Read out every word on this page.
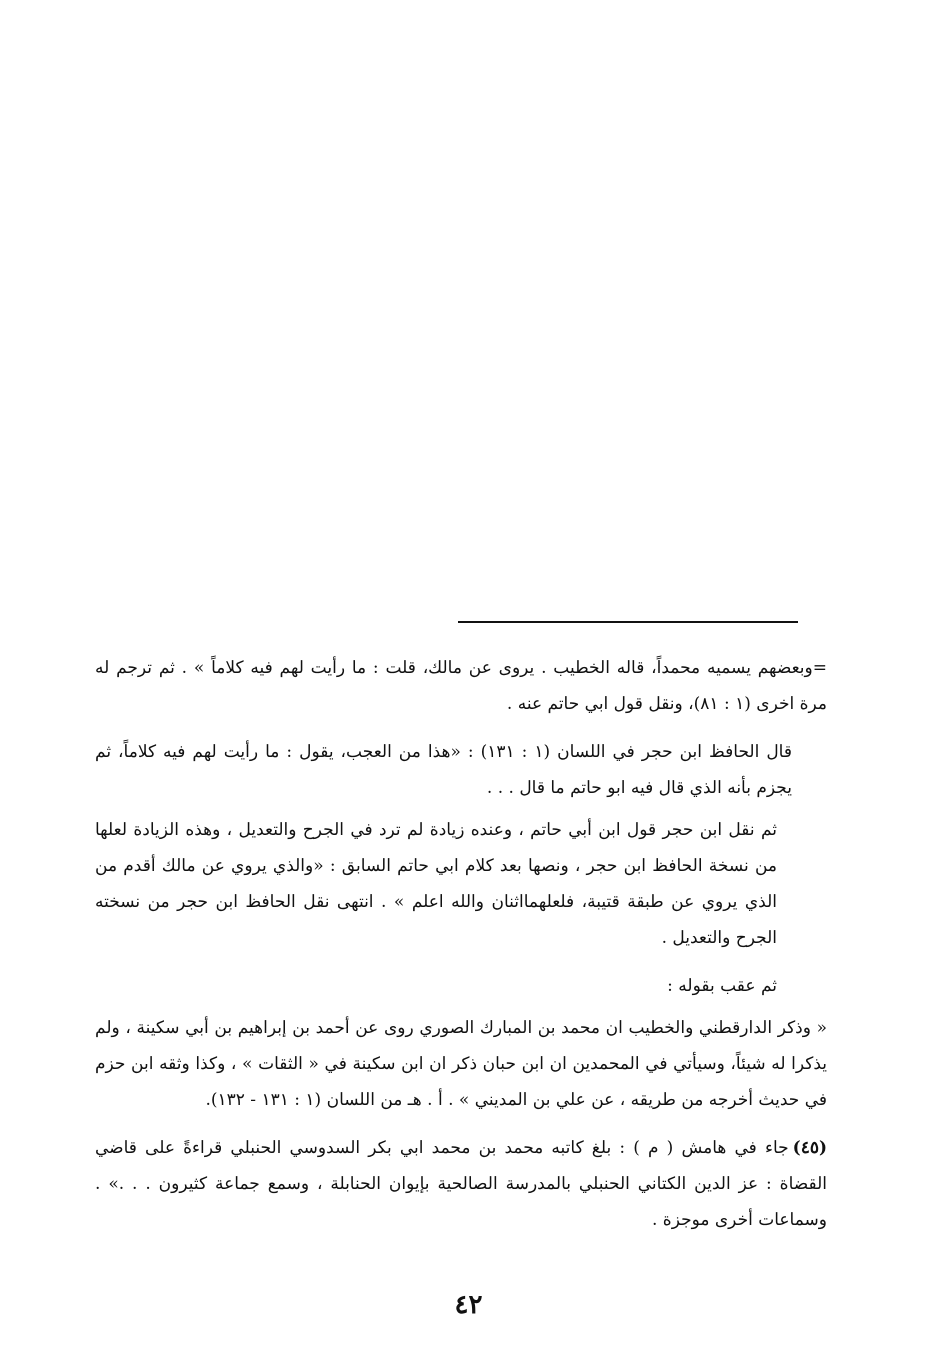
=وبعضهم يسميه محمداً، قاله الخطيب . يروى عن مالك، قلت : ما رأيت لهم فيه كلاماً » . ثم ترجم له مرة اخرى (١ : ٨١)، ونقل قول ابي حاتم عنه .

قال الحافظ ابن حجر في اللسان (١ : ١٣١) : «هذا من العجب، يقول : ما رأيت لهم فيه كلاماً، ثم يجزم بأنه الذي قال فيه ابو حاتم ما قال . . .

ثم نقل ابن حجر قول ابن أبي حاتم ، وعنده زيادة لم ترد في الجرح والتعديل ، وهذه الزيادة لعلها من نسخة الحافظ ابن حجر ، ونصها بعد كلام ابي حاتم السابق : «والذي يروي عن مالك أقدم من الذي يروي عن طبقة قتيبة، فلعلهمااثنان والله اعلم » . انتهى نقل الحافظ ابن حجر من نسخته الجرح والتعديل .

ثم عقب بقوله :

« وذكر الدارقطني والخطيب ان محمد بن المبارك الصوري روى عن أحمد بن إبراهيم بن أبي سكينة ، ولم يذكرا له شيئاً، وسيأتي في المحمدين ان ابن حبان ذكر ان ابن سكينة في « الثقات » ، وكذا وثقه ابن حزم في حديث أخرجه من طريقه ، عن علي بن المديني » . أ . هـ من اللسان (١ : ١٣١ - ١٣٢).

(٤٥)جاء في هامش ( م ) : بلغ كاتبه محمد بن محمد ابي بكر السدوسي الحنبلي قراءةً على قاضي القضاة : عز الدين الكتاني الحنبلي بالمدرسة الصالحية بإيوان الحنابلة ، وسمع جماعة كثيرون . . .» . وسماعات أخرى موجزة .

٤٢
